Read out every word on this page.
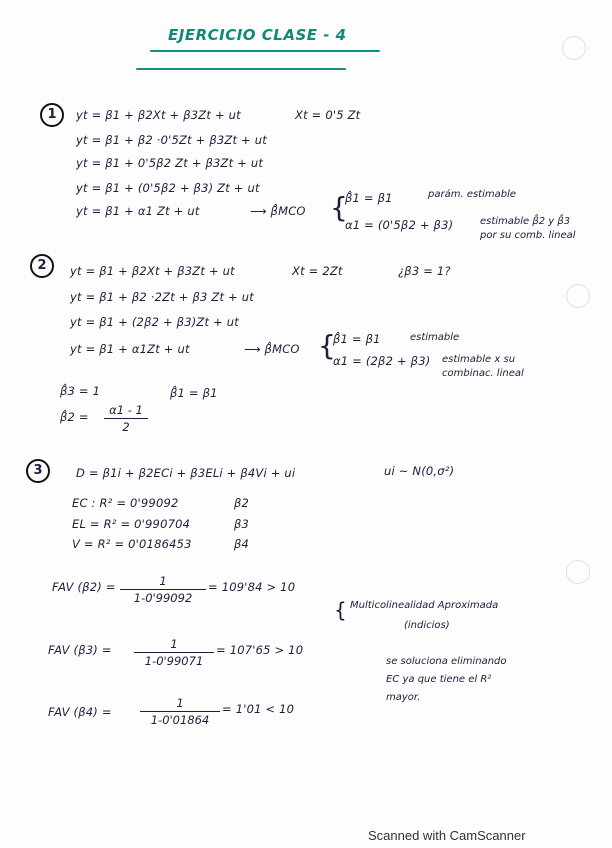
EJERCICIO CLASE - 4
1	yt = β1 + β2Xt + β3Zt + ut	Xt = 0'5 Zt
yt = β1 + β2 ·0'5Zt + β3Zt + ut
yt = β1 + 0'5β2 Zt + β3Zt + ut
yt = β1 + (0'5β2 + β3) Zt + ut
yt = β1 + α1 Zt + ut	⟶ β̂MCO {
β̂1 = β1	parám. estimable
α1 = (0'5β2 + β3)	estimable β̂2 y β̂3
por su comb. lineal
2	yt = β1 + β2Xt + β3Zt + ut	Xt = 2Zt	¿β3 = 1?
yt = β1 + β2 ·2Zt + β3 Zt + ut
yt = β1 + (2β2 + β3)Zt + ut
yt = β1 + α1Zt + ut	⟶ β̂MCO {
β̂1 = β1	estimable
α1 = (2β2 + β3) estimable x su
combinac. lineal
β̂3 = 1	β̂1 = β1
β̂2 =	α1 - 1
2
3	D = β1i + β2ECi + β3ELi + β4Vi + ui	ui ~ N(0,σ²)
EC : R² = 0'99092	β2
EL = R² = 0'990704	β3
V = R² = 0'0186453	β4
FAV (β2) =	1
1-0'99092
= 109'84 > 10
FAV (β3) =	1
1-0'99071
= 107'65 > 10
FAV (β4) =
1
1-0'01864
= 1'01 < 10
{ Multicolinealidad Aproximada
(indicios)
se soluciona eliminando
EC ya que tiene el R²
mayor.
Scanned with CamScanner
